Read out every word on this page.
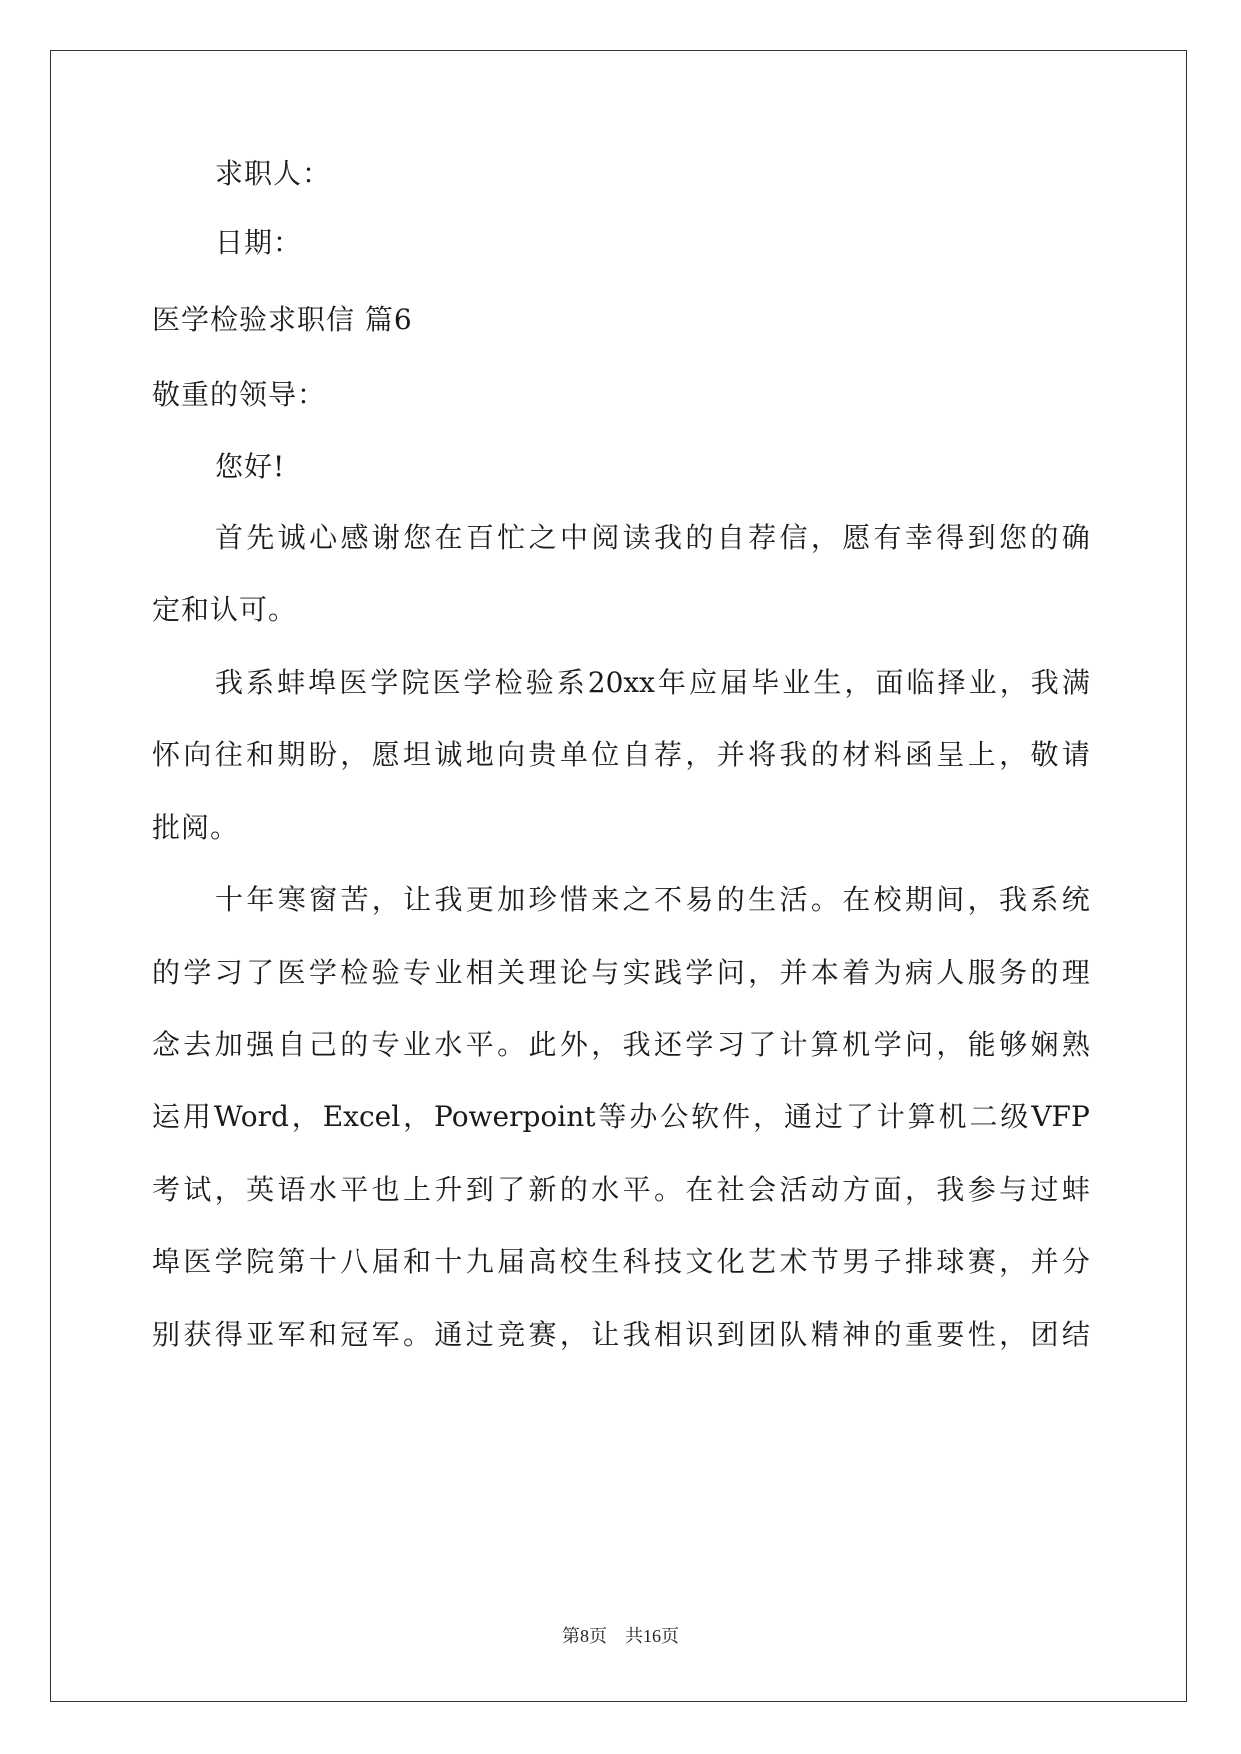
求职人：
日期：
医学检验求职信 篇6
敬重的领导：
您好!
首 先 诚 心 感 谢 您 在 百 忙 之 中 阅 读 我 的 自 荐 信 ， 愿 有 幸 得 到 您 的 确
定和认可。
我 系 蚌 埠 医 学 院 医 学 检 验 系 20xx 年 应 届 毕 业 生 ， 面 临 择 业 ， 我 满
怀 向 往 和 期 盼 ， 愿 坦 诚 地 向 贵 单 位 自 荐 ， 并 将 我 的 材 料 函 呈 上 ， 敬 请
批阅。
十 年 寒 窗 苦 ， 让 我 更 加 珍 惜 来 之 不 易 的 生 活 。 在 校 期 间 ， 我 系 统
的 学 习 了 医 学 检 验 专 业 相 关 理 论 与 实 践 学 问 ， 并 本 着 为 病 人 服 务 的 理
念 去 加 强 自 己 的 专 业 水 平 。 此 外 ， 我 还 学 习 了 计 算 机 学 问 ， 能 够 娴 熟
运 用 Word ， Excel ， Powerpoint 等 办 公 软 件 ， 通 过 了 计 算 机 二 级 VFP
考 试 ， 英 语 水 平 也 上 升 到 了 新 的 水 平 。 在 社 会 活 动 方 面 ， 我 参 与 过 蚌
埠 医 学 院 第 十 八 届 和 十 九 届 高 校 生 科 技 文 化 艺 术 节 男 子 排 球 赛 ， 并 分
别 获 得 亚 军 和 冠 军 。 通 过 竞 赛 ， 让 我 相 识 到 团 队 精 神 的 重 要 性 ， 团 结
第8页　共16页
